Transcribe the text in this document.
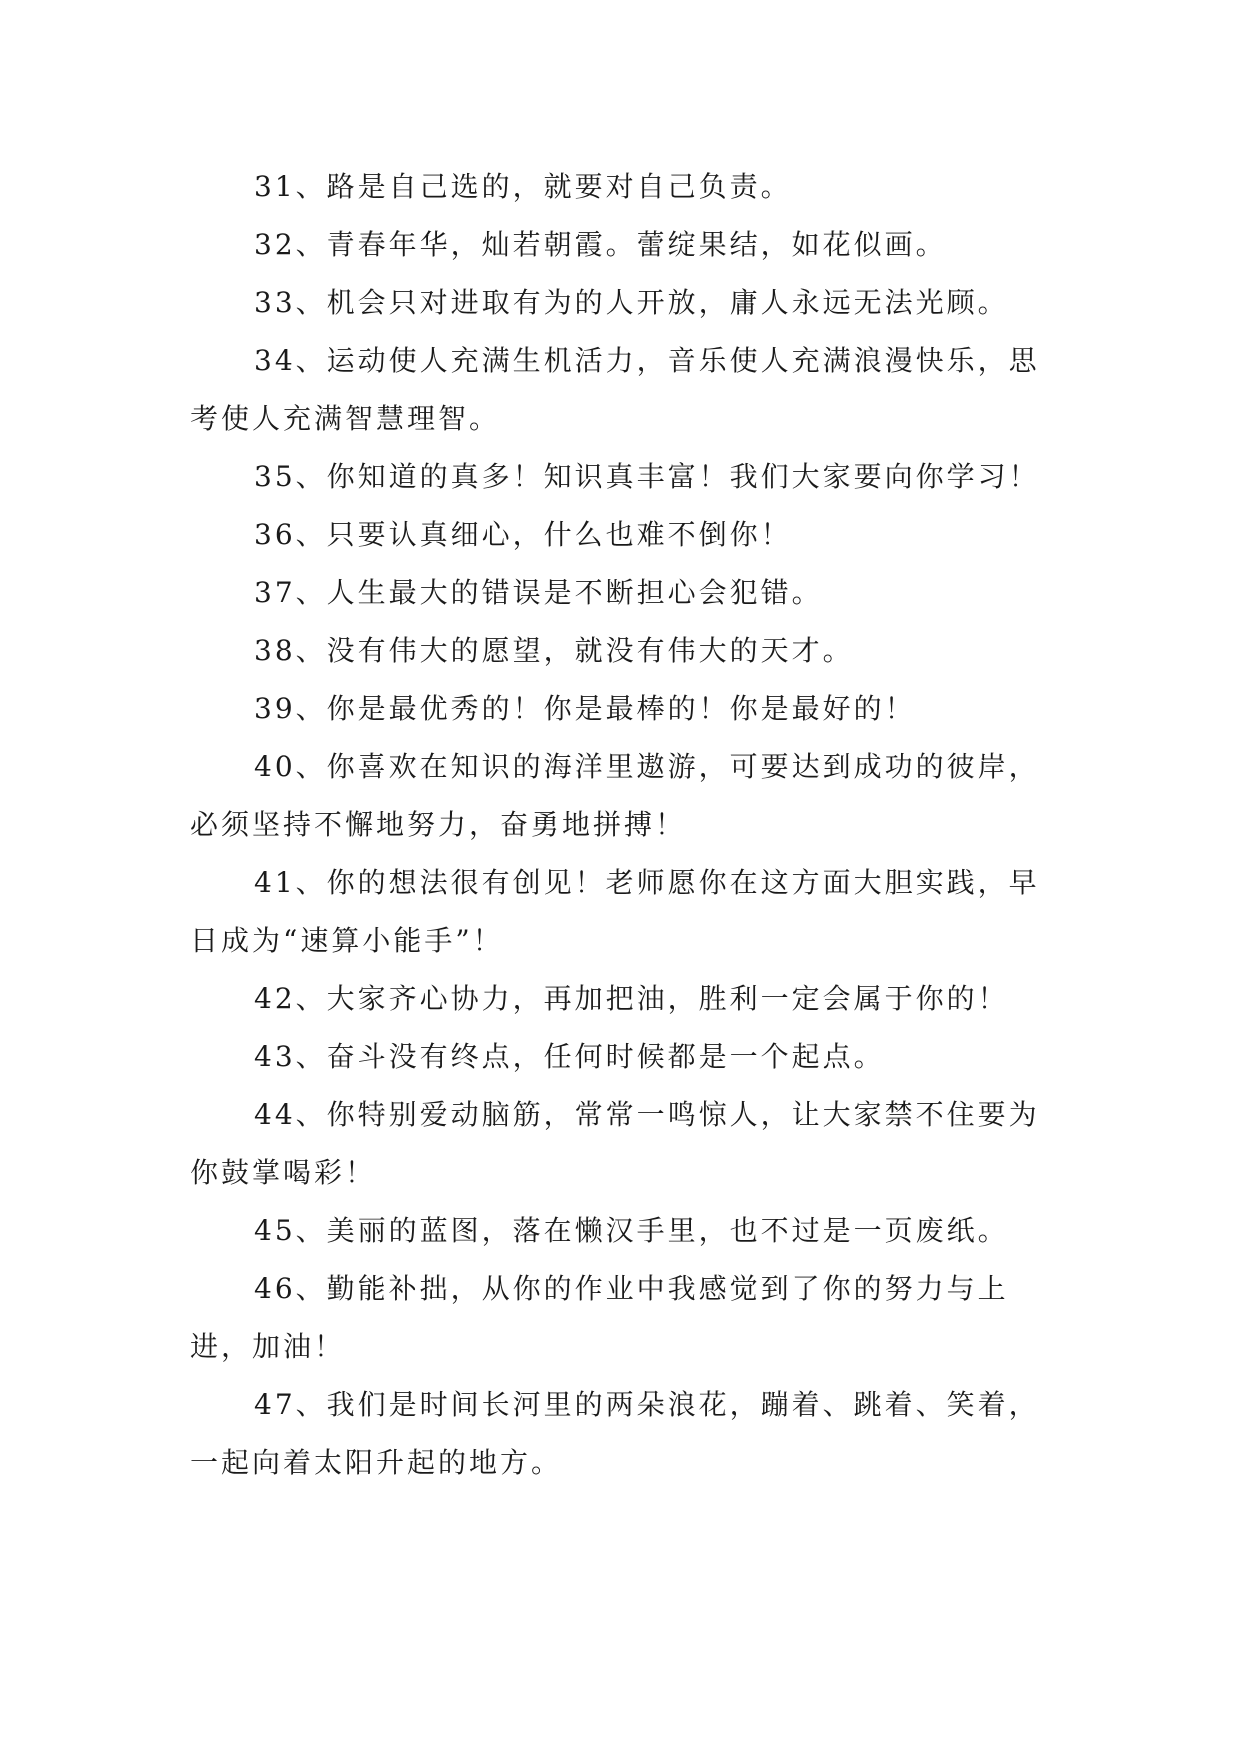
31、路是自己选的，就要对自己负责。

32、青春年华，灿若朝霞。蕾绽果结，如花似画。

33、机会只对进取有为的人开放，庸人永远无法光顾。

34、运动使人充满生机活力，音乐使人充满浪漫快乐，思考使人充满智慧理智。

35、你知道的真多！知识真丰富！我们大家要向你学习！

36、只要认真细心，什么也难不倒你！

37、人生最大的错误是不断担心会犯错。

38、没有伟大的愿望，就没有伟大的天才。

39、你是最优秀的！你是最棒的！你是最好的！

40、你喜欢在知识的海洋里遨游，可要达到成功的彼岸，必须坚持不懈地努力，奋勇地拼搏！

41、你的想法很有创见！老师愿你在这方面大胆实践，早日成为“速算小能手”！

42、大家齐心协力，再加把油，胜利一定会属于你的！

43、奋斗没有终点，任何时候都是一个起点。

44、你特别爱动脑筋，常常一鸣惊人，让大家禁不住要为你鼓掌喝彩！

45、美丽的蓝图，落在懒汉手里，也不过是一页废纸。

46、勤能补拙，从你的作业中我感觉到了你的努力与上进，加油！

47、我们是时间长河里的两朵浪花，蹦着、跳着、笑着，一起向着太阳升起的地方。
